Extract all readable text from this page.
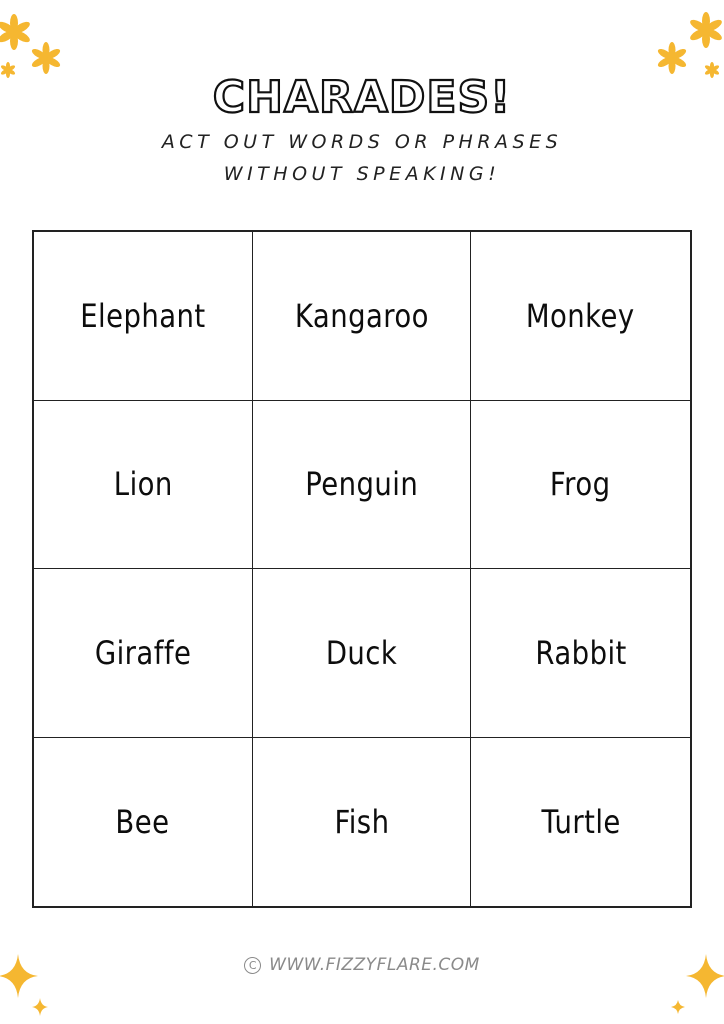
CHARADES!
ACT OUT WORDS OR PHRASES WITHOUT SPEAKING!
Elephant	Kangaroo	Monkey
Lion	Penguin	Frog
Giraffe	Duck	Rabbit
Bee	Fish	Turtle
C WWW.FIZZYFLARE.COM
